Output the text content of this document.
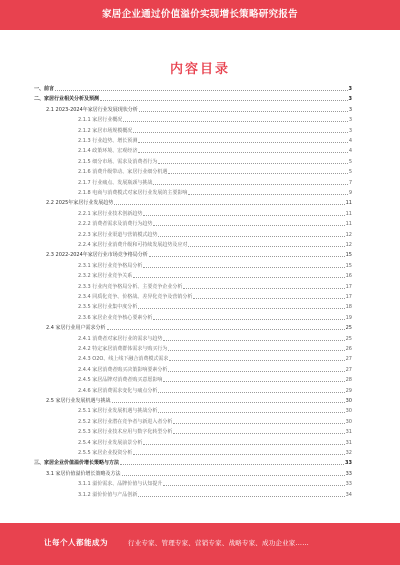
家居企业通过价值溢价实现增长策略研究报告
内容目录
一、前言	3
二、家居行业相关分析及预测	3
2.1 2023-2024年家居行业发展现状分析	3
2.1.1 家居行业概况	3
2.1.2 家居市场规模概况	3
2.1.3 行业趋势、增长预测	4
2.1.4 政策环境、宏观经济	4
2.1.5 细分市场、需求及消费者行为	5
2.1.6 消费升级带动、家居行业细分机遇	5
2.1.7 行业痛点、发展瓶颈与挑战	7
2.1.8 电商与消费模式对家居行业发展的主要影响	9
2.2 2025年家居行业发展趋势	11
2.2.1 家居行业技术创新趋势	11
2.2.2 消费者需求及消费行为趋势	11
2.2.3 家居行业渠道与营销模式趋势	12
2.2.4 家居行业消费升级和可持续发展趋势及应对	12
2.3 2022-2024年家居行业市场竞争格局分析	15
2.3.1 家居行业竞争格局分析	15
2.3.2 家居行业竞争关系	16
2.3.3 行业内竞争格局分析、主要竞争企业分析	17
2.3.4 同质化竞争、价格战、差异化竞争及营销分析	17
2.3.5 家居行业集中度分析	18
2.3.6 家居企业竞争核心要素分析	19
2.4 家居行业用户需求分析	25
2.4.1 消费者对家居行业的需求与趋势	25
2.4.2 特定家居消费群体需求与购买行为	26
2.4.3 O2O、线上线下融合消费模式需求	27
2.4.4 家居消费者购买决策影响要素分析	27
2.4.5 家居品牌对消费者购买意愿影响	28
2.4.6 家居消费需求变化与痛点分析	29
2.5 家居行业发展机遇与挑战	30
2.5.1 家居行业发展机遇与挑战分析	30
2.5.2 家居行业潜在竞争者与新进入者分析	30
2.5.3 家居行业技术应用与数字化转型分析	31
2.5.4 家居行业发展前景分析	31
2.5.5 家居企业投资分析	32
三、家居企业价值溢价增长策略与方法	33
3.1 家居价值溢价增长策略及方法	33
3.1.1 溢价需求、品牌价值与认知提升	33
3.1.2 溢价价值与产品创新	34
让每个人都能成为	行业专家、管理专家、营销专家、战略专家、成功企业家……
